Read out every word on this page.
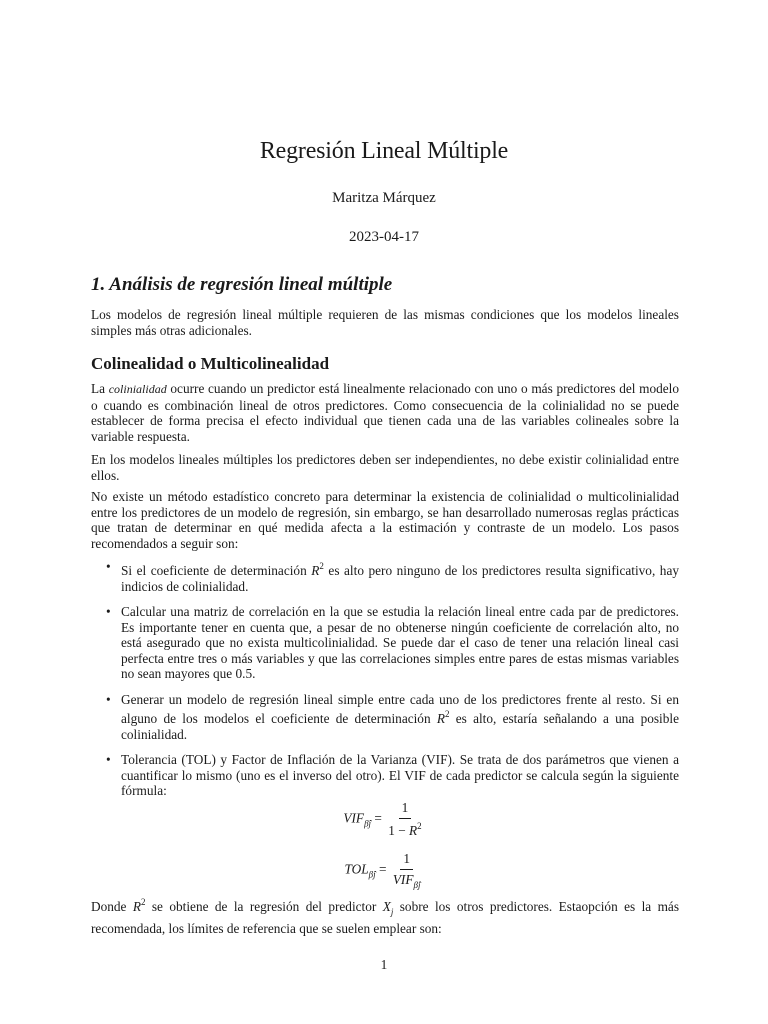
Regresión Lineal Múltiple
Maritza Márquez
2023-04-17
1. Análisis de regresión lineal múltiple
Los modelos de regresión lineal múltiple requieren de las mismas condiciones que los modelos lineales simples más otras adicionales.
Colinealidad o Multicolinealidad
La colinialidad ocurre cuando un predictor está linealmente relacionado con uno o más predictores del modelo o cuando es combinación lineal de otros predictores. Como consecuencia de la colinialidad no se puede establecer de forma precisa el efecto individual que tienen cada una de las variables colineales sobre la variable respuesta.
En los modelos lineales múltiples los predictores deben ser independientes, no debe existir colinialidad entre ellos.
No existe un método estadístico concreto para determinar la existencia de colinialidad o multicolinialidad entre los predictores de un modelo de regresión, sin embargo, se han desarrollado numerosas reglas prácticas que tratan de determinar en qué medida afecta a la estimación y contraste de un modelo. Los pasos recomendados a seguir son:
• Si el coeficiente de determinación $R^2$ es alto pero ninguno de los predictores resulta significativo, hay indicios de colinialidad.
• Calcular una matriz de correlación en la que se estudia la relación lineal entre cada par de predictores. Es importante tener en cuenta que, a pesar de no obtenerse ningún coeficiente de correlación alto, no está asegurado que no exista multicolinialidad. Se puede dar el caso de tener una relación lineal casi perfecta entre tres o más variables y que las correlaciones simples entre pares de estas mismas variables no sean mayores que 0.5.
• Generar un modelo de regresión lineal simple entre cada uno de los predictores frente al resto. Si en alguno de los modelos el coeficiente de determinación $R^2$ es alto, estaría señalando a una posible colinialidad.
• Tolerancia (TOL) y Factor de Inflación de la Varianza (VIF). Se trata de dos parámetros que vienen a cuantificar lo mismo (uno es el inverso del otro). El VIF de cada predictor se calcula según la siguiente fórmula:
$VIF_{\betâj} = \frac{1}{1 - R^2}$
$TOL_{\betâj} = \frac{1}{VIF_{\betâj}}$
Donde $R^2$ se obtiene de la regresión del predictor $X_j$ sobre los otros predictores. Estaopción es la más recomendada, los límites de referencia que se suelen emplear son:
1
